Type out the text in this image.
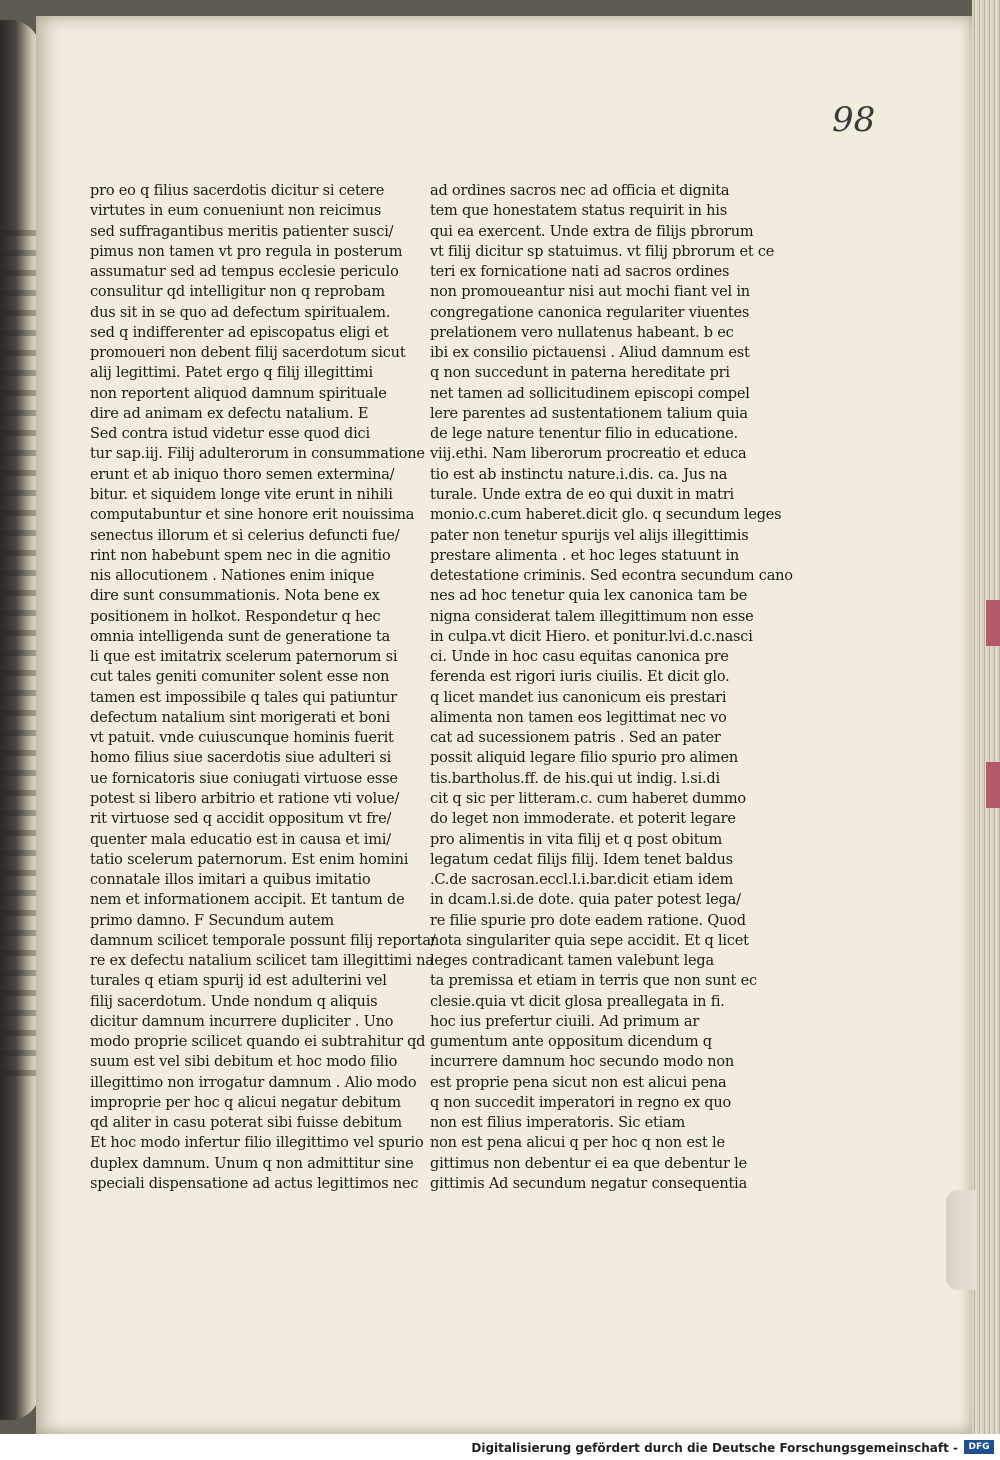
98
pro eo q filius sacerdotis dicitur si cetere
virtutes in eum conueniunt non reicimus
sed suffragantibus meritis patienter susci/
pimus non tamen vt pro regula in posterum
assumatur sed ad tempus ecclesie periculo
consulitur qd intelligitur non q reprobam
dus sit in se quo ad defectum spiritualem.
sed q indifferenter ad episcopatus eligi et
promoueri non debent filij sacerdotum sicut
alij legittimi. Patet ergo q filij illegittimi
non reportent aliquod damnum spirituale
dire ad animam ex defectu natalium. E
Sed contra istud videtur esse quod dici
tur sap.iij. Filij adulterorum in consummatione
erunt et ab iniquo thoro semen extermina/
bitur. et siquidem longe vite erunt in nihili
computabuntur et sine honore erit nouissima
senectus illorum et si celerius defuncti fue/
rint non habebunt spem nec in die agnitio
nis allocutionem . Nationes enim inique
dire sunt consummationis. Nota bene ex
positionem in holkot. Respondetur q hec
omnia intelligenda sunt de generatione ta
li que est imitatrix scelerum paternorum si
cut tales geniti comuniter solent esse non
tamen est impossibile q tales qui patiuntur
defectum natalium sint morigerati et boni
vt patuit. vnde cuiuscunque hominis fuerit
homo filius siue sacerdotis siue adulteri si
ue fornicatoris siue coniugati virtuose esse
potest si libero arbitrio et ratione vti volue/
rit virtuose sed q accidit oppositum vt fre/
quenter mala educatio est in causa et imi/
tatio scelerum paternorum. Est enim homini
connatale illos imitari a quibus imitatio
nem et informationem accipit. Et tantum de
primo damno. F Secundum autem
damnum scilicet temporale possunt filij reporta/
re ex defectu natalium scilicet tam illegittimi na
turales q etiam spurij id est adulterini vel
filij sacerdotum. Unde nondum q aliquis
dicitur damnum incurrere dupliciter . Uno
modo proprie scilicet quando ei subtrahitur qd
suum est vel sibi debitum et hoc modo filio
illegittimo non irrogatur damnum . Alio modo
improprie per hoc q alicui negatur debitum
qd aliter in casu poterat sibi fuisse debitum
Et hoc modo infertur filio illegittimo vel spurio
duplex damnum. Unum q non admittitur sine
speciali dispensatione ad actus legittimos nec
ad ordines sacros nec ad officia et dignita
tem que honestatem status requirit in his
qui ea exercent. Unde extra de filijs pbrorum
vt filij dicitur sp statuimus. vt filij pbrorum et ce
teri ex fornicatione nati ad sacros ordines
non promoueantur nisi aut mochi fiant vel in
congregatione canonica regulariter viuentes
prelationem vero nullatenus habeant. b ec
ibi ex consilio pictauensi . Aliud damnum est
q non succedunt in paterna hereditate pri
net tamen ad sollicitudinem episcopi compel
lere parentes ad sustentationem talium quia
de lege nature tenentur filio in educatione.
viij.ethi. Nam liberorum procreatio et educa
tio est ab instinctu nature.i.dis. ca. Jus na
turale. Unde extra de eo qui duxit in matri
monio.c.cum haberet.dicit glo. q secundum leges
pater non tenetur spurijs vel alijs illegittimis
prestare alimenta . et hoc leges statuunt in
detestatione criminis. Sed econtra secundum cano
nes ad hoc tenetur quia lex canonica tam be
nigna considerat talem illegittimum non esse
in culpa.vt dicit Hiero. et ponitur.lvi.d.c.nasci
ci. Unde in hoc casu equitas canonica pre
ferenda est rigori iuris ciuilis. Et dicit glo.
q licet mandet ius canonicum eis prestari
alimenta non tamen eos legittimat nec vo
cat ad sucessionem patris . Sed an pater
possit aliquid legare filio spurio pro alimen
tis.bartholus.ff. de his.qui ut indig. l.si.di
cit q sic per litteram.c. cum haberet dummo
do leget non immoderate. et poterit legare
pro alimentis in vita filij et q post obitum
legatum cedat filijs filij. Idem tenet baldus
.C.de sacrosan.eccl.l.i.bar.dicit etiam idem
in dcam.l.si.de dote. quia pater potest lega/
re filie spurie pro dote eadem ratione. Quod
nota singulariter quia sepe accidit. Et q licet
leges contradicant tamen valebunt lega
ta premissa et etiam in terris que non sunt ec
clesie.quia vt dicit glosa preallegata in fi.
hoc ius prefertur ciuili. Ad primum ar
gumentum ante oppositum dicendum q
incurrere damnum hoc secundo modo non
est proprie pena sicut non est alicui pena
q non succedit imperatori in regno ex quo
non est filius imperatoris. Sic etiam
non est pena alicui q per hoc q non est le
gittimus non debentur ei ea que debentur le
gittimis Ad secundum negatur consequentia
Digitalisierung gefördert durch die Deutsche Forschungsgemeinschaft -	DFG
